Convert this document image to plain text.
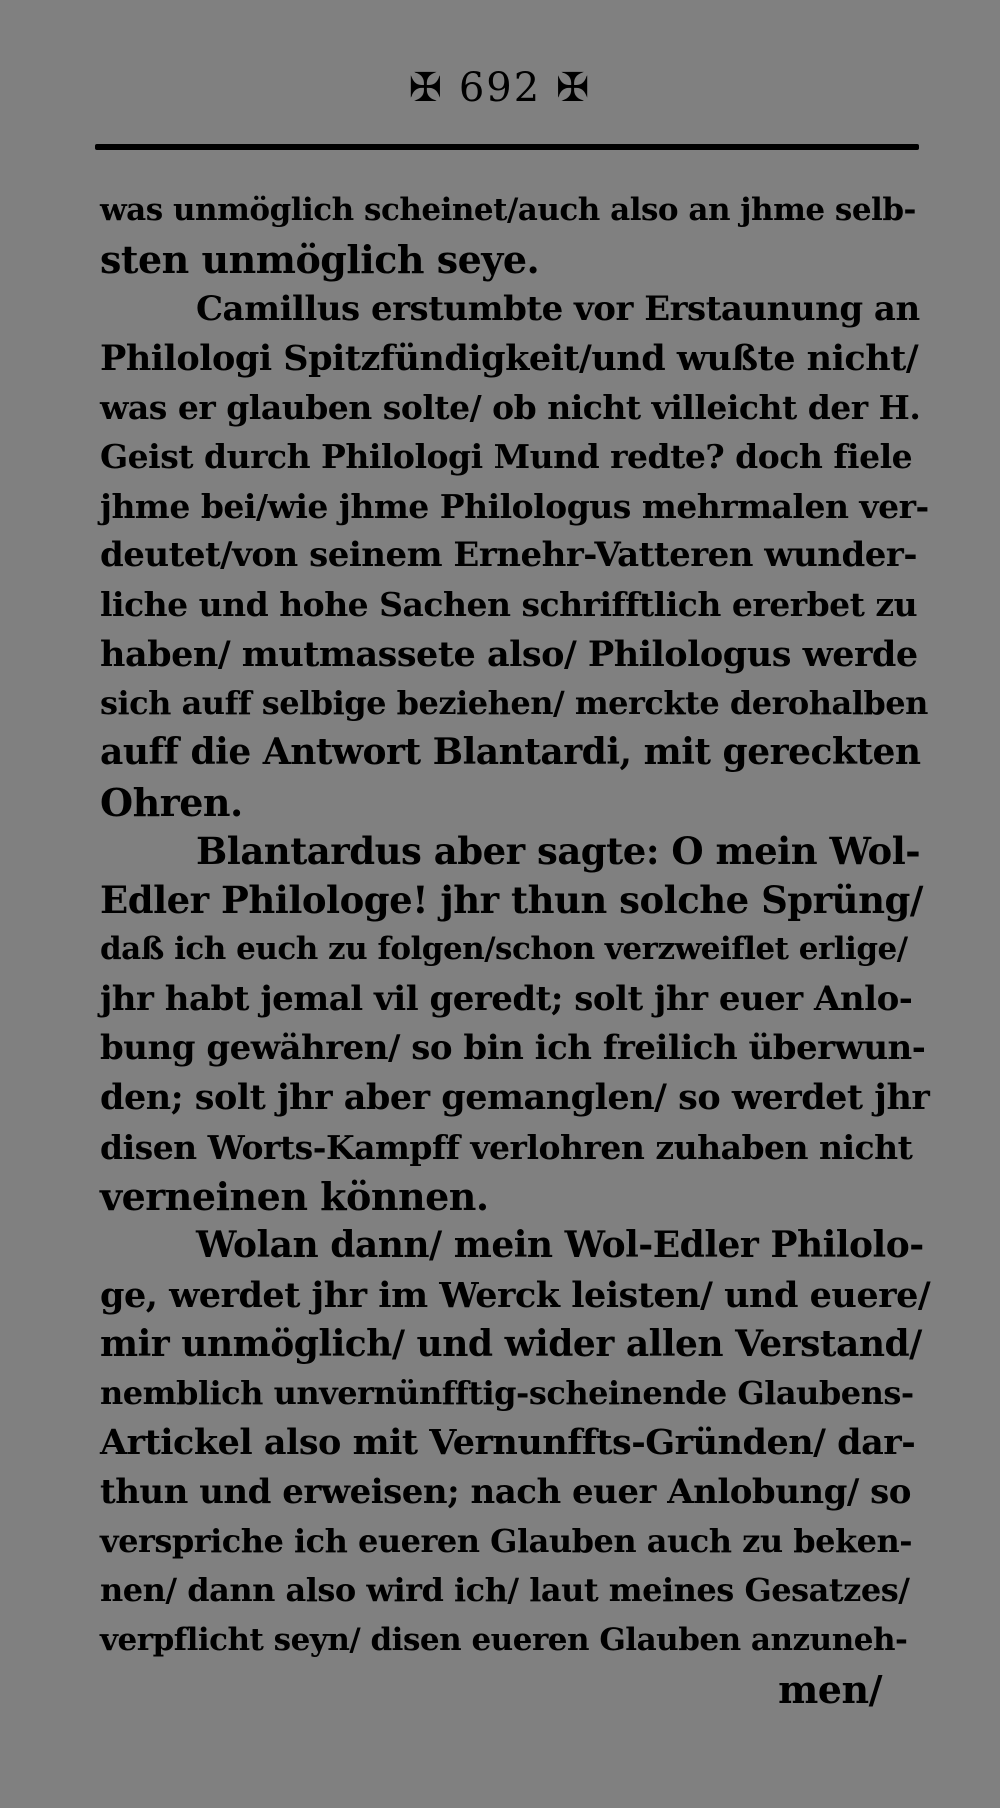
✠ 692 ✠
was unmöglich scheinet/auch also an jhme selb-
sten unmöglich seye.
Camillus erstumbte vor Erstaunung an
Philologi Spitzfündigkeit/und wußte nicht/
was er glauben solte/ ob nicht villeicht der H.
Geist durch Philologi Mund redte? doch fiele
jhme bei/wie jhme Philologus mehrmalen ver-
deutet/von seinem Ernehr-Vatteren wunder-
liche und hohe Sachen schrifftlich ererbet zu
haben/ mutmassete also/ Philologus werde
sich auff selbige beziehen/ merckte derohalben
auff die Antwort Blantardi, mit gereckten
Ohren.
Blantardus aber sagte: O mein Wol-
Edler Philologe! jhr thun solche Sprüng/
daß ich euch zu folgen/schon verzweiflet erlige/
jhr habt jemal vil geredt; solt jhr euer Anlo-
bung gewähren/ so bin ich freilich überwun-
den; solt jhr aber gemanglen/ so werdet jhr
disen Worts-Kampff verlohren zuhaben nicht
verneinen können.
Wolan dann/ mein Wol-Edler Philolo-
ge, werdet jhr im Werck leisten/ und euere/
mir unmöglich/ und wider allen Verstand/
nemblich unvernünfftig-scheinende Glaubens-
Artickel also mit Vernunffts-Gründen/ dar-
thun und erweisen; nach euer Anlobung/ so
verspriche ich eueren Glauben auch zu beken-
nen/ dann also wird ich/ laut meines Gesatzes/
verpflicht seyn/ disen eueren Glauben anzuneh-
men/
